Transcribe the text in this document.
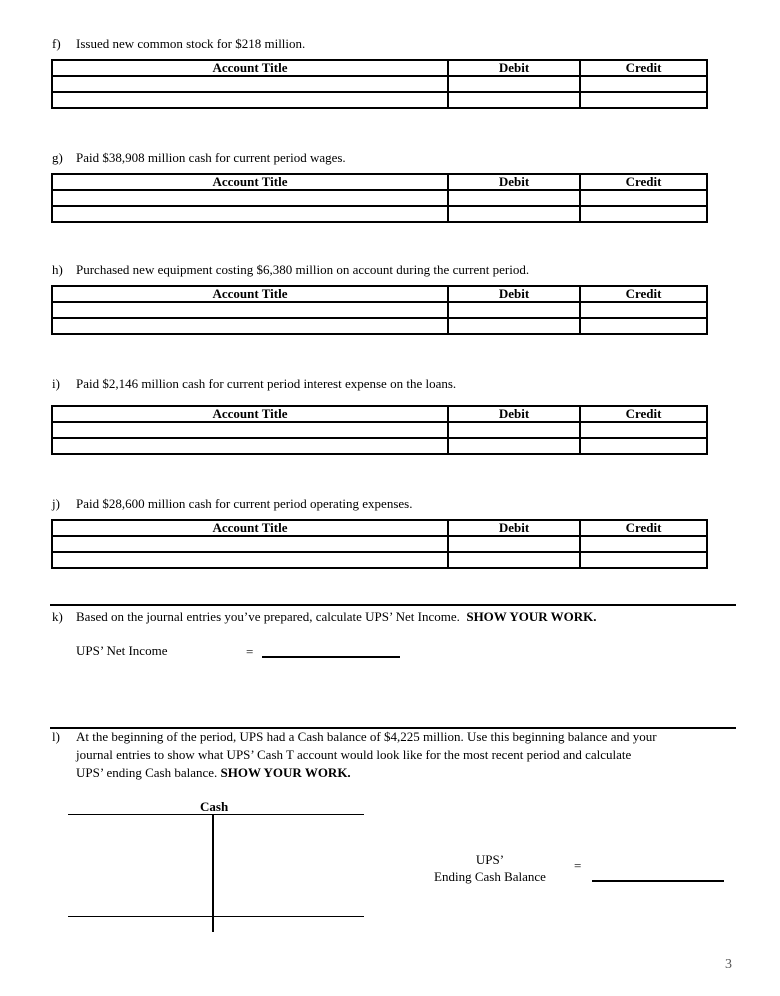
f) Issued new common stock for $218 million.
Account Title	Debit	Credit

g) Paid $38,908 million cash for current period wages.
Account Title	Debit	Credit

h) Purchased new equipment costing $6,380 million on account during the current period.
Account Title	Debit	Credit

i) Paid $2,146 million cash for current period interest expense on the loans.
Account Title	Debit	Credit

j) Paid $28,600 million cash for current period operating expenses.
Account Title	Debit	Credit

k) Based on the journal entries you’ve prepared, calculate UPS’ Net Income. SHOW YOUR WORK.
UPS’ Net Income	=
l) At the beginning of the period, UPS had a Cash balance of $4,225 million. Use this beginning balance and your
journal entries to show what UPS’ Cash T account would look like for the most recent period and calculate
UPS’ ending Cash balance. SHOW YOUR WORK.
Cash
UPS’
Ending Cash Balance
=
3
